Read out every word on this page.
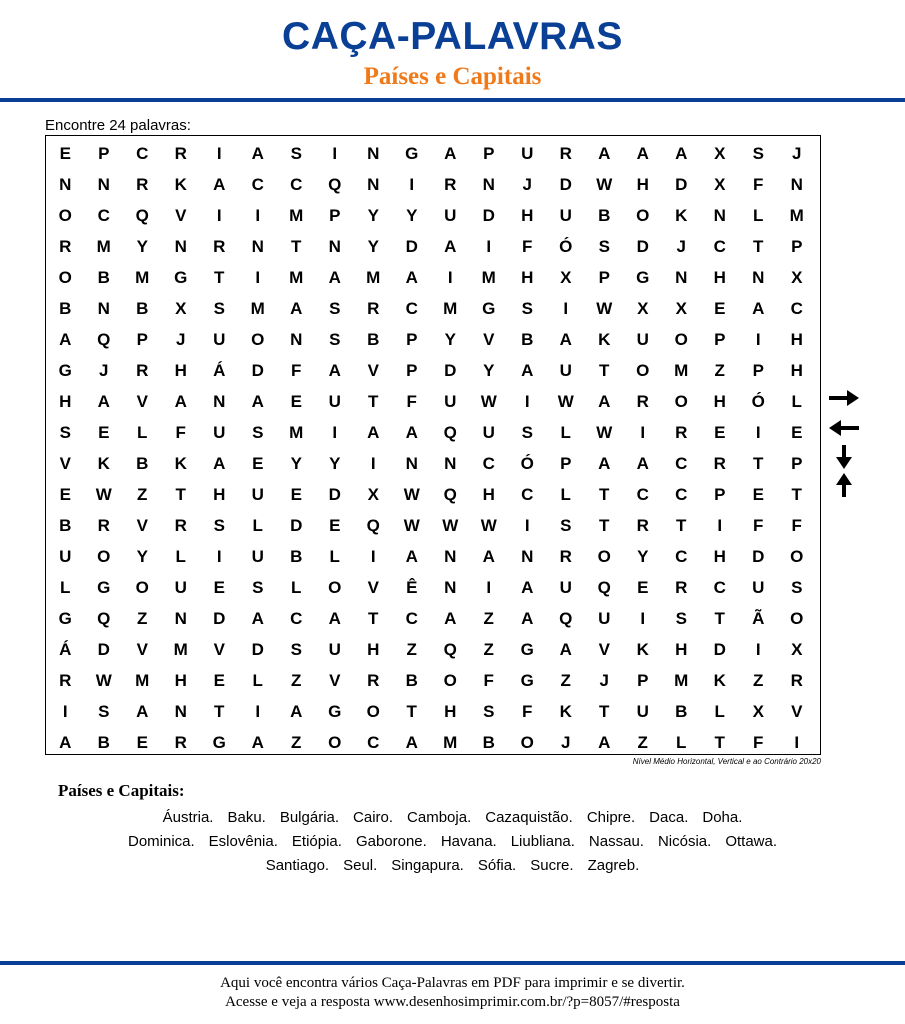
CAÇA-PALAVRAS
Países e Capitais
Encontre 24 palavras:
E	P	C	R	I	A	S	I	N	G	A	P	U	R	A	A	A	X	S	J
N	N	R	K	A	C	C	Q	N	I	R	N	J	D	W	H	D	X	F	N
O	C	Q	V	I	I	M	P	Y	Y	U	D	H	U	B	O	K	N	L	M
R	M	Y	N	R	N	T	N	Y	D	A	I	F	Ó	S	D	J	C	T	P
O	B	M	G	T	I	M	A	M	A	I	M	H	X	P	G	N	H	N	X
B	N	B	X	S	M	A	S	R	C	M	G	S	I	W	X	X	E	A	C
A	Q	P	J	U	O	N	S	B	P	Y	V	B	A	K	U	O	P	I	H
G	J	R	H	Á	D	F	A	V	P	D	Y	A	U	T	O	M	Z	P	H
H	A	V	A	N	A	E	U	T	F	U	W	I	W	A	R	O	H	Ó	L
S	E	L	F	U	S	M	I	A	A	Q	U	S	L	W	I	R	E	I	E
V	K	B	K	A	E	Y	Y	I	N	N	C	Ó	P	A	A	C	R	T	P
E	W	Z	T	H	U	E	D	X	W	Q	H	C	L	T	C	C	P	E	T
B	R	V	R	S	L	D	E	Q	W	W	W	I	S	T	R	T	I	F	F
U	O	Y	L	I	U	B	L	I	A	N	A	N	R	O	Y	C	H	D	O
L	G	O	U	E	S	L	O	V	Ê	N	I	A	U	Q	E	R	C	U	S
G	Q	Z	N	D	A	C	A	T	C	A	Z	A	Q	U	I	S	T	Ã	O
Á	D	V	M	V	D	S	U	H	Z	Q	Z	G	A	V	K	H	D	I	X
R	W	M	H	E	L	Z	V	R	B	O	F	G	Z	J	P	M	K	Z	R
I	S	A	N	T	I	A	G	O	T	H	S	F	K	T	U	B	L	X	V
A	B	E	R	G	A	Z	O	C	A	M	B	O	J	A	Z	L	T	F	I
Nível Médio Horizontal, Vertical e ao Contrário 20x20
Países e Capitais:
Áustria. Baku. Bulgária. Cairo. Camboja. Cazaquistão. Chipre. Daca. Doha.
Dominica. Eslovênia. Etiópia. Gaborone. Havana. Liubliana. Nassau. Nicósia. Ottawa.
Santiago. Seul. Singapura. Sófia. Sucre. Zagreb.
Aqui você encontra vários Caça-Palavras em PDF para imprimir e se divertir.
Acesse e veja a resposta www.desenhosimprimir.com.br/?p=8057/#resposta
